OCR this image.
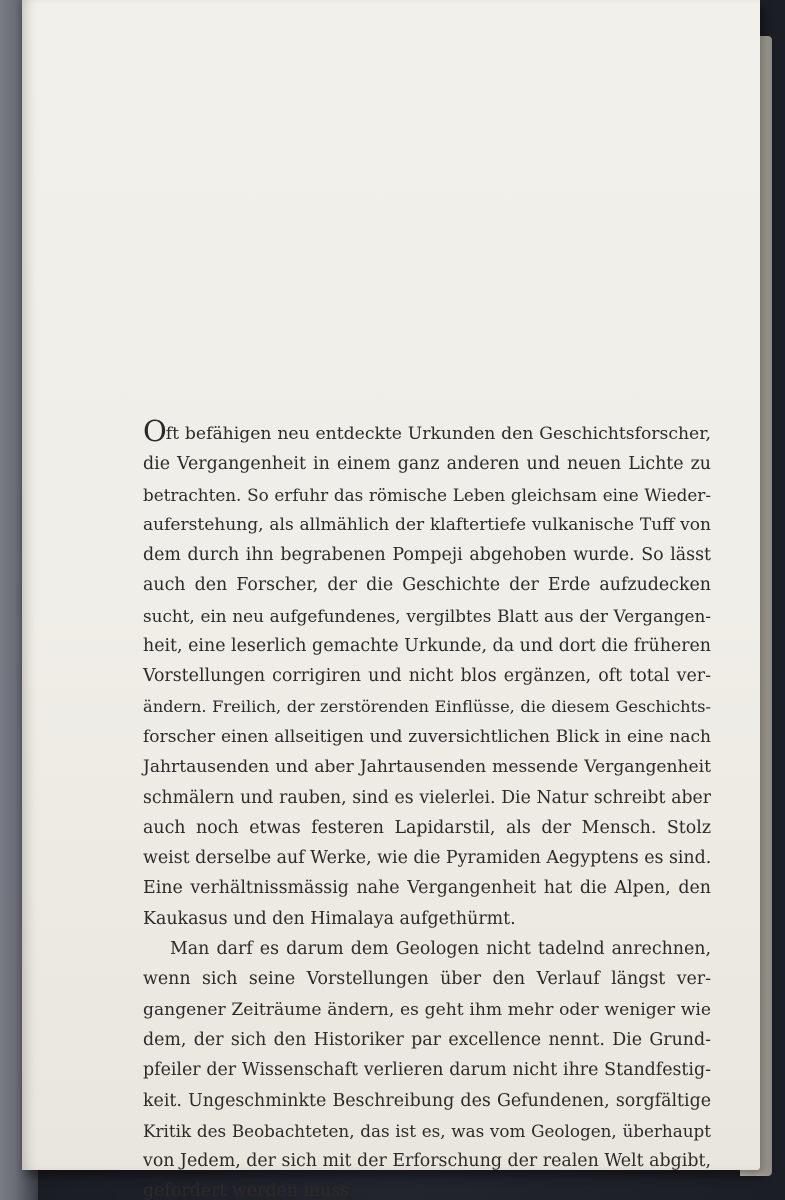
Oft befähigen neu entdeckte Urkunden den Geschichtsforscher,
die Vergangenheit in einem ganz anderen und neuen Lichte zu
betrachten. So erfuhr das römische Leben gleichsam eine Wieder-
auferstehung, als allmählich der klaftertiefe vulkanische Tuff von
dem durch ihn begrabenen Pompeji abgehoben wurde. So lässt
auch den Forscher, der die Geschichte der Erde aufzudecken
sucht, ein neu aufgefundenes, vergilbtes Blatt aus der Vergangen-
heit, eine leserlich gemachte Urkunde, da und dort die früheren
Vorstellungen corrigiren und nicht blos ergänzen, oft total ver-
ändern. Freilich, der zerstörenden Einflüsse, die diesem Geschichts-
forscher einen allseitigen und zuversichtlichen Blick in eine nach
Jahrtausenden und aber Jahrtausenden messende Vergangenheit
schmälern und rauben, sind es vielerlei. Die Natur schreibt aber
auch noch etwas festeren Lapidarstil, als der Mensch. Stolz
weist derselbe auf Werke, wie die Pyramiden Aegyptens es sind.
Eine verhältnissmässig nahe Vergangenheit hat die Alpen, den
Kaukasus und den Himalaya aufgethürmt.
Man darf es darum dem Geologen nicht tadelnd anrechnen,
wenn sich seine Vorstellungen über den Verlauf längst ver-
gangener Zeiträume ändern, es geht ihm mehr oder weniger wie
dem, der sich den Historiker par excellence nennt. Die Grund-
pfeiler der Wissenschaft verlieren darum nicht ihre Standfestig-
keit. Ungeschminkte Beschreibung des Gefundenen, sorgfältige
Kritik des Beobachteten, das ist es, was vom Geologen, überhaupt
von Jedem, der sich mit der Erforschung der realen Welt abgibt,
gefordert werden muss.
